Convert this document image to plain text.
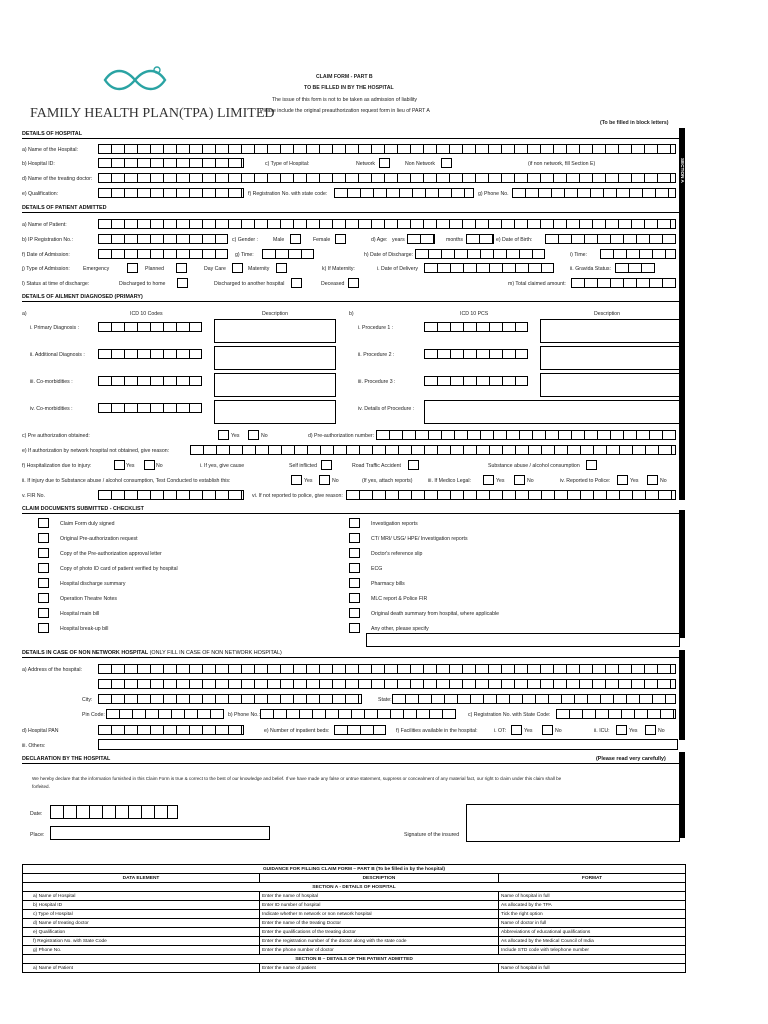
FAMILY HEALTH PLAN(TPA) LIMITED
CLAIM FORM - PART B
TO BE FILLED IN BY THE HOSPITAL
The issue of this form is not to be taken as admission of liability
Please include the original preauthorization request form in lieu of PART A
(To be filled in block letters)
SECTION A
DETAILS OF HOSPITAL
a) Name of the Hospital:
b) Hospital ID:	c) Type of Hospital:	Network	Non Network	(if non network, fill Section E)
d) Name of the treating doctor:
e) Qualification:	f) Registration No. with state code:	g) Phone No.
DETAILS OF PATIENT ADMITTED
a) Name of Patient:
b) IP Registration No.:	c) Gender :	Male	Female	d) Age: years	months	e) Date of Birth:
f) Date of Admission:	g) Time:	h) Date of Discharge:	i) Time:
j) Type of Admission:	Emergency	Planned	Day Care	Maternity	k) If Maternity:	i. Date of Delivery	ii. Gravida Status:
l) Status at time of discharge:	Discharged to home	Discharged to another hospital	Deceased	m) Total claimed amount:
DETAILS OF AILMENT DIAGNOSED (PRIMARY)
a)	ICD 10 Codes	Description	b)	ICD 10 PCS	Description
i. Primary Diagnosis :	i. Procedure 1 :
ii. Additional Diagnosis :	ii. Procedure 2 :
iii. Co-morbidities :	iii. Procedure 3 :
iv. Co-morbidities :	iv. Details of Procedure :
c) Pre authorization obtained:	Yes	No	d) Pre-authorization number:
e) If authorization by network hospital not obtained, give reason:
f) Hospitalization due to injury:	Yes	No	i. If yes, give cause	Self inflicted	Road Traffic Accident	Substance abuse / alcohol consumption
ii. If injury due to Substance abuse / alcohol consumption, Test Conducted to establish this:	Yes	No	(If yes, attach reports)	iii. If Medico Legal:	Yes	No	iv. Reported to Police:	Yes	No
v. FIR No.	vi. If not reported to police, give reason:
CLAIM DOCUMENTS SUBMITTED - CHECKLIST
Claim Form duly signed
Original Pre-authorization request
Copy of the Pre-authorization approval letter
Copy of photo ID card of patient verified by hospital
Hospital discharge summary
Operation Theatre Notes
Hospital main bill
Hospital break-up bill
Investigation reports
CT/ MRI/ USG/ HPE/ Investigation reports
Doctor's reference slip
ECG
Pharmacy bills
MLC report & Police FIR
Original death summary from hospital, where applicable
Any other, please specify
DETAILS IN CASE OF NON NETWORK HOSPITAL (ONLY FILL IN CASE OF NON NETWORK HOSPITAL)
a) Address of the hospital:
City:	State:
Pin Code:	b) Phone No.:	c) Registration No. with State Code:
d) Hospital PAN	e) Number of inpatient beds:	f) Facilities available in the hospital:	i. OT:	Yes	No	ii. ICU:	Yes	No
iii. Others:
DECLARATION BY THE HOSPITAL	(Please read very carefully)
We hereby declare that the information furnished in this Claim Form is true & correct to the best of our knowledge and belief. If we have made any false or untrue statement, suppress or concealment of any material fact, our right to claim under this claim shall be
forfeited.
Date:
Place:	Signature of the insured
GUIDANCE FOR FILLING CLAIM FORM – PART B (To be filled in by the hospital)		
DATA ELEMENT	DESCRIPTION	FORMAT
SECTION A - DETAILS OF HOSPITAL		
a) Name of Hospital	Enter the name of hospital	Name of hospital in full
b) Hospital ID	Enter ID number of hospital	As allocated by the TPA
c) Type of Hospital	Indicate whether In network or non network hospital	Tick the right option
d) Name of treating doctor	Enter the name of the treating Doctor	Name of doctor in full
e) Qualification	Enter the qualifications of the treating doctor	Abbreviations of educational qualifications
f) Registration No. with State Code	Enter the registration number of the doctor along with the state code	As allocated by the Medical Council of India
g) Phone No.	Enter the phone number of doctor	Include STD code with telephone number
SECTION B – DETAILS OF THE PATIENT ADMITTED		
a) Name of Patient	Enter the name of patient	Name of hospital in full
